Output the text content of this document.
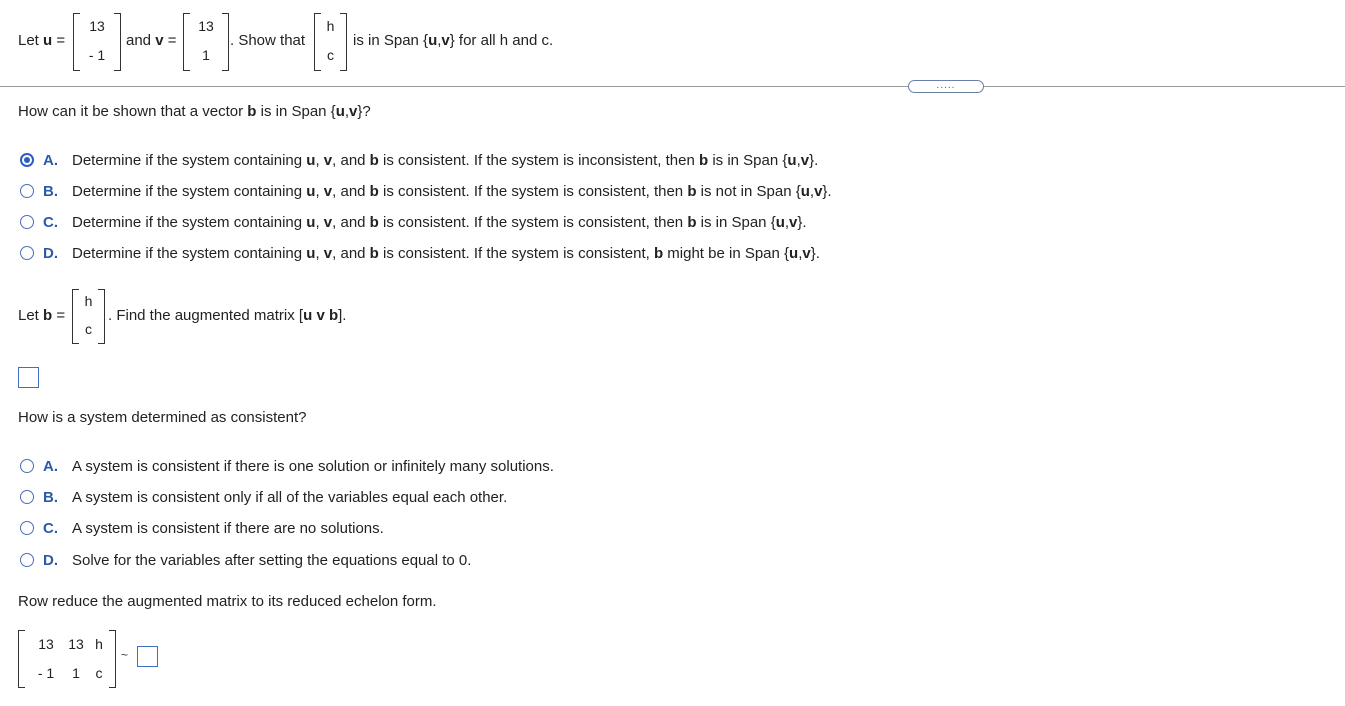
Let u =
13
- 1
and v =
13
1
. Show that
h
c
is in Span {u,v} for all h and c.
.....
How can it be shown that a vector b is in Span {u,v}?
A. Determine if the system containing u, v, and b is consistent. If the system is inconsistent, then b is in Span {u,v}.
B. Determine if the system containing u, v, and b is consistent. If the system is consistent, then b is not in Span {u,v}.
C. Determine if the system containing u, v, and b is consistent. If the system is consistent, then b is in Span {u,v}.
D. Determine if the system containing u, v, and b is consistent. If the system is consistent, b might be in Span {u,v}.
Let b =
h
c
. Find the augmented matrix [u v b].
How is a system determined as consistent?
A. A system is consistent if there is one solution or infinitely many solutions.
B. A system is consistent only if all of the variables equal each other.
C. A system is consistent if there are no solutions.
D. Solve for the variables after setting the equations equal to 0.
Row reduce the augmented matrix to its reduced echelon form.
13	13 h
- 1	1	c
~
